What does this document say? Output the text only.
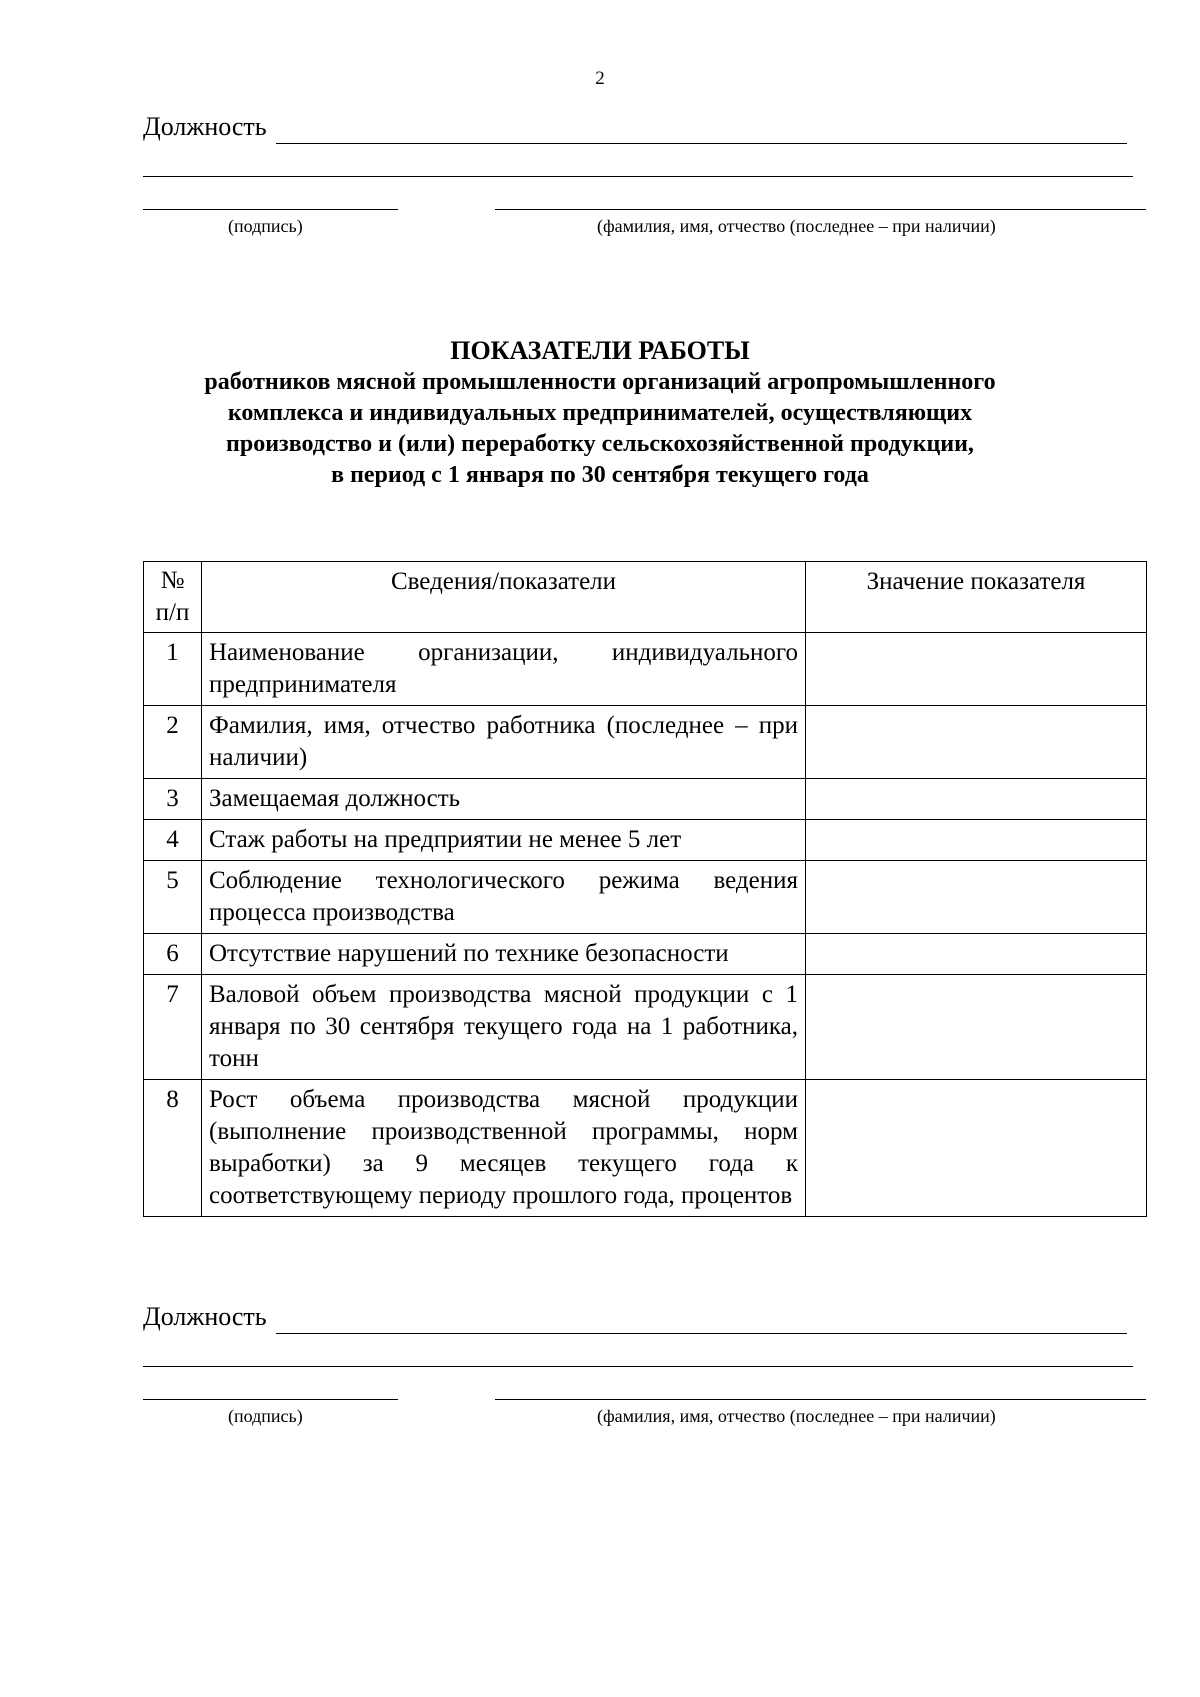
2
Должность
(подпись)	(фамилия, имя, отчество (последнее – при наличии)
ПОКАЗАТЕЛИ РАБОТЫ
работников мясной промышленности организаций агропромышленного
комплекса и индивидуальных предпринимателей, осуществляющих
производство и (или) переработку сельскохозяйственной продукции,
в период с 1 января по 30 сентября текущего года
№
п/п	Сведения/показатели	Значение показателя
1	Наименование организации, индивидуального предпринимателя	
2	Фамилия, имя, отчество работника (последнее – при наличии)	
3	Замещаемая должность	
4	Стаж работы на предприятии не менее 5 лет	
5	Соблюдение технологического режима ведения процесса производства	
6	Отсутствие нарушений по технике безопасности	
7	Валовой объем производства мясной продукции с 1 января по 30 сентября текущего года на 1 работника, тонн	
8	Рост объема производства мясной продукции (выполнение производственной программы, норм выработки) за 9 месяцев текущего года к соответствующему периоду прошлого года, процентов	
Должность
(подпись)	(фамилия, имя, отчество (последнее – при наличии)
